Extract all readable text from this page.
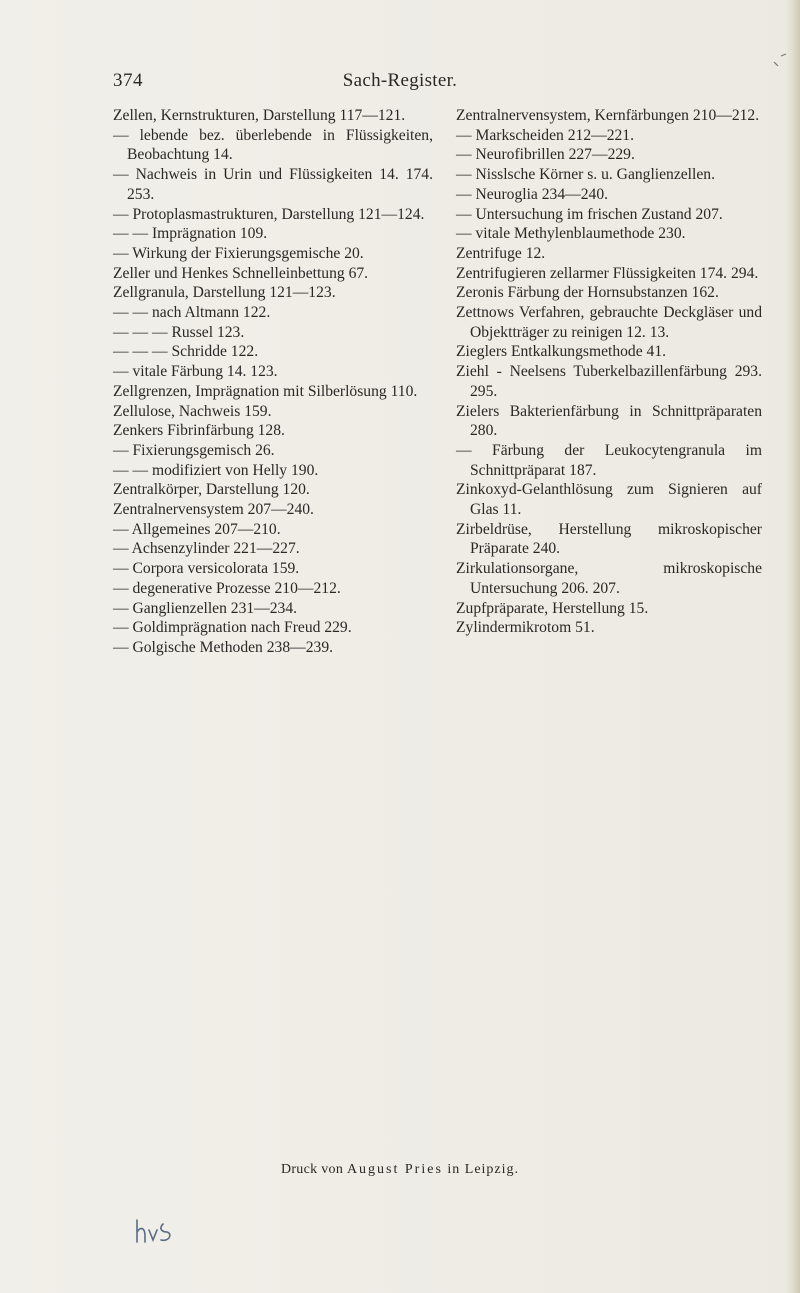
374	Sach-Register.

Zellen, Kernstrukturen, Darstellung 117—121.

— lebende bez. überlebende in Flüssigkeiten, Beobachtung 14.

— Nachweis in Urin und Flüssigkeiten 14. 174. 253.

— Protoplasmastrukturen, Darstellung 121—124.

— — Imprägnation 109.

— Wirkung der Fixierungsgemische 20.

Zeller und Henkes Schnelleinbettung 67.

Zellgranula, Darstellung 121—123.

— — nach Altmann 122.

— — — Russel 123.

— — — Schridde 122.

— vitale Färbung 14. 123.

Zellgrenzen, Imprägnation mit Silberlösung 110.

Zellulose, Nachweis 159.

Zenkers Fibrinfärbung 128.

— Fixierungsgemisch 26.

— — modifiziert von Helly 190.

Zentralkörper, Darstellung 120.

Zentralnervensystem 207—240.

— Allgemeines 207—210.

— Achsenzylinder 221—227.

— Corpora versicolorata 159.

— degenerative Prozesse 210—212.

— Ganglienzellen 231—234.

— Goldimprägnation nach Freud 229.

— Golgische Methoden 238—239.

Zentralnervensystem, Kernfärbungen 210—212.

— Markscheiden 212—221.

— Neurofibrillen 227—229.

— Nisslsche Körner s. u. Ganglienzellen.

— Neuroglia 234—240.

— Untersuchung im frischen Zustand 207.

— vitale Methylenblaumethode 230.

Zentrifuge 12.

Zentrifugieren zellarmer Flüssigkeiten 174. 294.

Zeronis Färbung der Hornsubstanzen 162.

Zettnows Verfahren, gebrauchte Deckgläser und Objektträger zu reinigen 12. 13.

Zieglers Entkalkungsmethode 41.

Ziehl - Neelsens Tuberkelbazillenfärbung 293. 295.

Zielers Bakterienfärbung in Schnittpräparaten 280.

— Färbung der Leukocytengranula im Schnittpräparat 187.

Zinkoxyd-Gelanthlösung zum Signieren auf Glas 11.

Zirbeldrüse, Herstellung mikroskopischer Präparate 240.

Zirkulationsorgane, mikroskopische Untersuchung 206. 207.

Zupfpräparate, Herstellung 15.

Zylindermikrotom 51.

Druck von August Pries in Leipzig.
